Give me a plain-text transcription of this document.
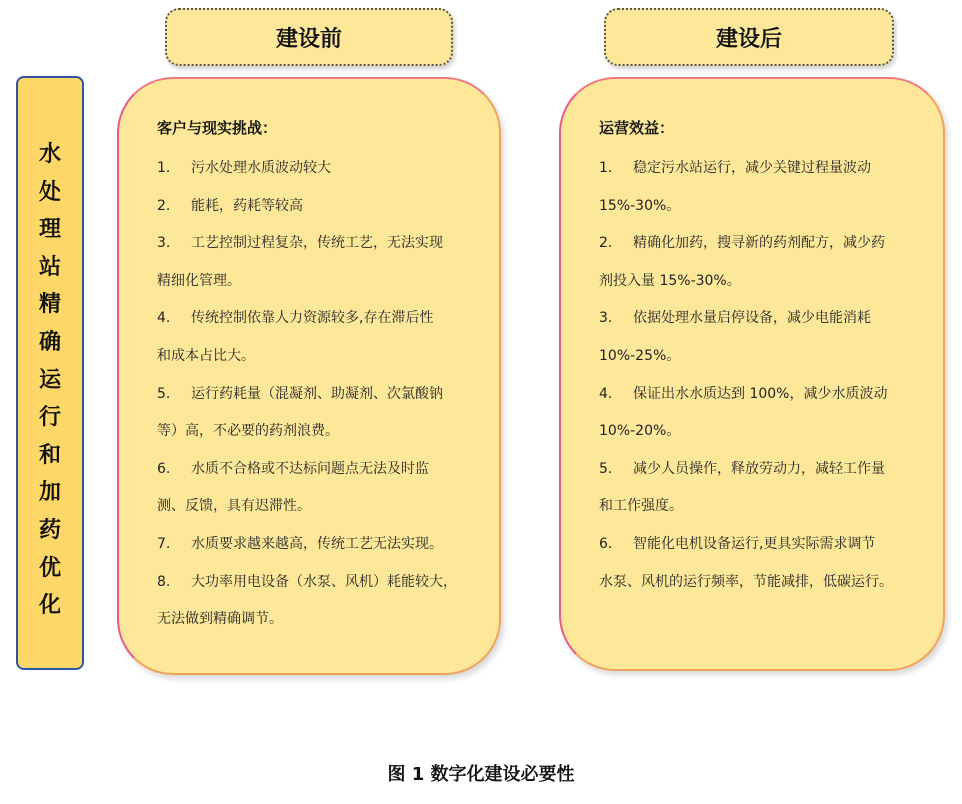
建设前	建设后
水
处
理
站
精
确
运
行
和
加
药
优
化
客户与现实挑战：
1. 污水处理水质波动较大
2. 能耗，药耗等较高
3. 工艺控制过程复杂，传统工艺，无法实现
精细化管理。
4. 传统控制依靠人力资源较多,存在滞后性
和成本占比大。
5. 运行药耗量（混凝剂、助凝剂、次氯酸钠
等）高，不必要的药剂浪费。
6. 水质不合格或不达标问题点无法及时监
测、反馈，具有迟滞性。
7. 水质要求越来越高，传统工艺无法实现。
8. 大功率用电设备（水泵、风机）耗能较大，
无法做到精确调节。
运营效益：
1. 稳定污水站运行，减少关键过程量波动
15%-30%。
2. 精确化加药，搜寻新的药剂配方，减少药
剂投入量 15%-30%。
3. 依据处理水量启停设备，减少电能消耗
10%-25%。
4. 保证出水水质达到 100%，减少水质波动
10%-20%。
5. 减少人员操作，释放劳动力，减轻工作量
和工作强度。
6. 智能化电机设备运行,更具实际需求调节
水泵、风机的运行频率，节能减排，低碳运行。
图 1 数字化建设必要性
